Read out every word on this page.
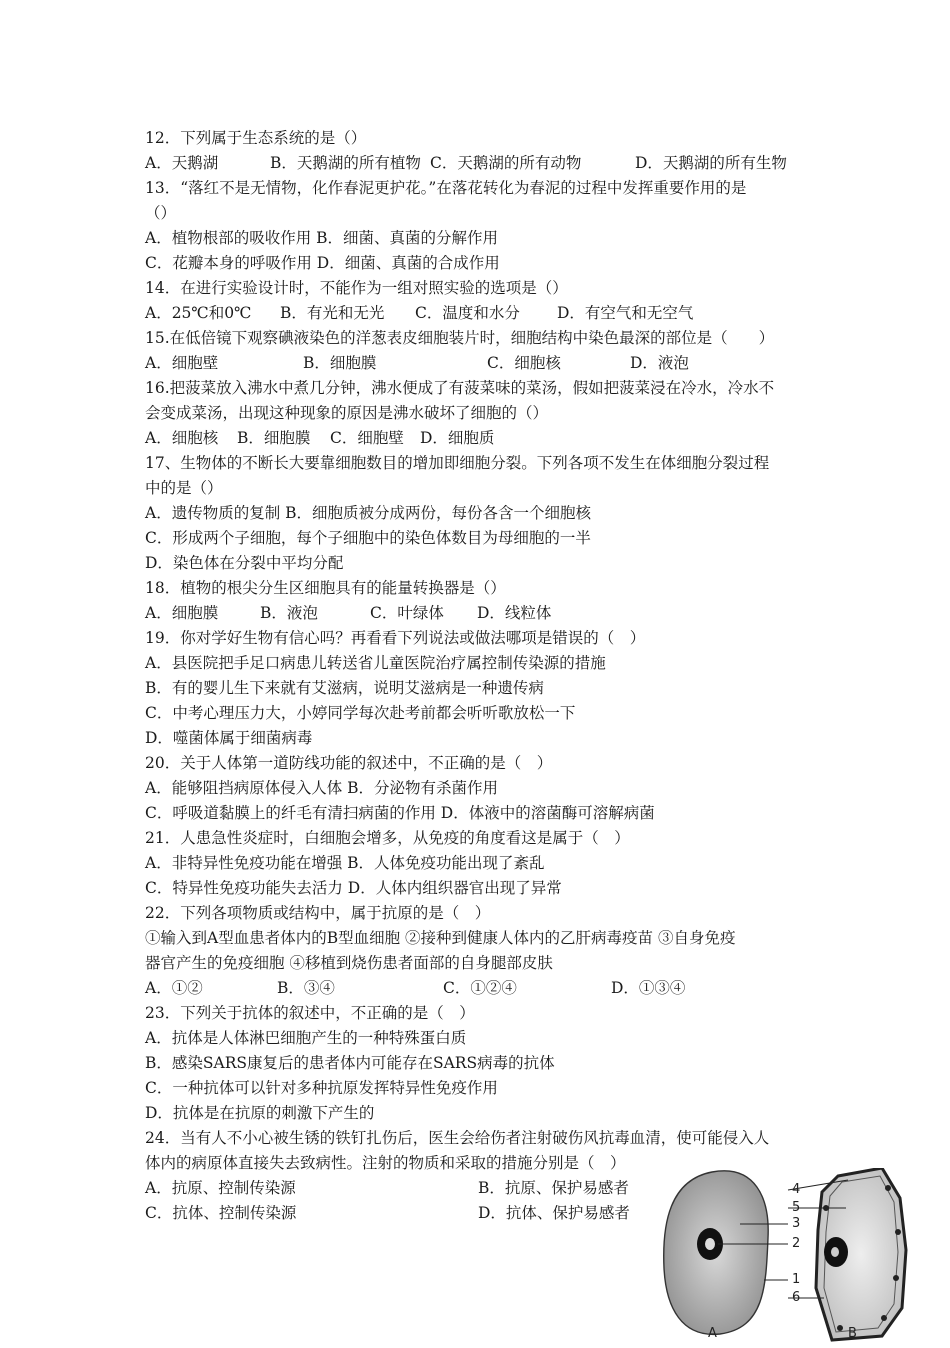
12．下列属于生态系统的是（）
A．天鹅湖	B．天鹅湖的所有植物 C．天鹅湖的所有动物	D．天鹅湖的所有生物
13．“落红不是无情物，化作春泥更护花。”在落花转化为春泥的过程中发挥重要作用的是
（）
A．植物根部的吸收作用 B．细菌、真菌的分解作用
C．花瓣本身的呼吸作用 D．细菌、真菌的合成作用
14．在进行实验设计时，不能作为一组对照实验的选项是（）
A．25℃和0℃ B．有光和无光 C．温度和水分 D．有空气和无空气
15.在低倍镜下观察碘液染色的洋葱表皮细胞装片时，细胞结构中染色最深的部位是（　　）
A．细胞壁	B．细胞膜	C．细胞核	D．液泡
16.把菠菜放入沸水中煮几分钟，沸水便成了有菠菜味的菜汤，假如把菠菜浸在冷水，冷水不
会变成菜汤，出现这种现象的原因是沸水破坏了细胞的（）
A．细胞核 B．细胞膜 C．细胞壁 D．细胞质
17、生物体的不断长大要靠细胞数目的增加即细胞分裂。下列各项不发生在体细胞分裂过程
中的是（）
A．遗传物质的复制 B．细胞质被分成两份，每份各含一个细胞核
C．形成两个子细胞，每个子细胞中的染色体数目为母细胞的一半
D．染色体在分裂中平均分配
18．植物的根尖分生区细胞具有的能量转换器是（）
A．细胞膜	B．液泡	C．叶绿体 D．线粒体
19．你对学好生物有信心吗？再看看下列说法或做法哪项是错误的（　）
A．县医院把手足口病患儿转送省儿童医院治疗属控制传染源的措施
B．有的婴儿生下来就有艾滋病，说明艾滋病是一种遗传病
C．中考心理压力大，小婷同学每次赴考前都会听听歌放松一下
D．噬菌体属于细菌病毒
20．关于人体第一道防线功能的叙述中，不正确的是（　）
A．能够阻挡病原体侵入人体 B．分泌物有杀菌作用
C．呼吸道黏膜上的纤毛有清扫病菌的作用 D．体液中的溶菌酶可溶解病菌
21．人患急性炎症时，白细胞会增多，从免疫的角度看这是属于（　）
A．非特异性免疫功能在增强 B．人体免疫功能出现了紊乱
C．特异性免疫功能失去活力 D．人体内组织器官出现了异常
22．下列各项物质或结构中，属于抗原的是（　）
①输入到A型血患者体内的B型血细胞 ②接种到健康人体内的乙肝病毒疫苗 ③自身免疫
器官产生的免疫细胞 ④移植到烧伤患者面部的自身腿部皮肤
A．①②	B．③④	C．①②④	D．①③④
23．下列关于抗体的叙述中，不正确的是（　）
A．抗体是人体淋巴细胞产生的一种特殊蛋白质
B．感染SARS康复后的患者体内可能存在SARS病毒的抗体
C．一种抗体可以针对多种抗原发挥特异性免疫作用
D．抗体是在抗原的刺激下产生的
24．当有人不小心被生锈的铁钉扎伤后，医生会给伤者注射破伤风抗毒血清，使可能侵入人
体内的病原体直接失去致病性。注射的物质和采取的措施分别是（　）
A．抗原、控制传染源	B．抗原、保护易感者
C．抗体、控制传染源	D．抗体、保护易感者
4
5
3
2
1
6
A	B
